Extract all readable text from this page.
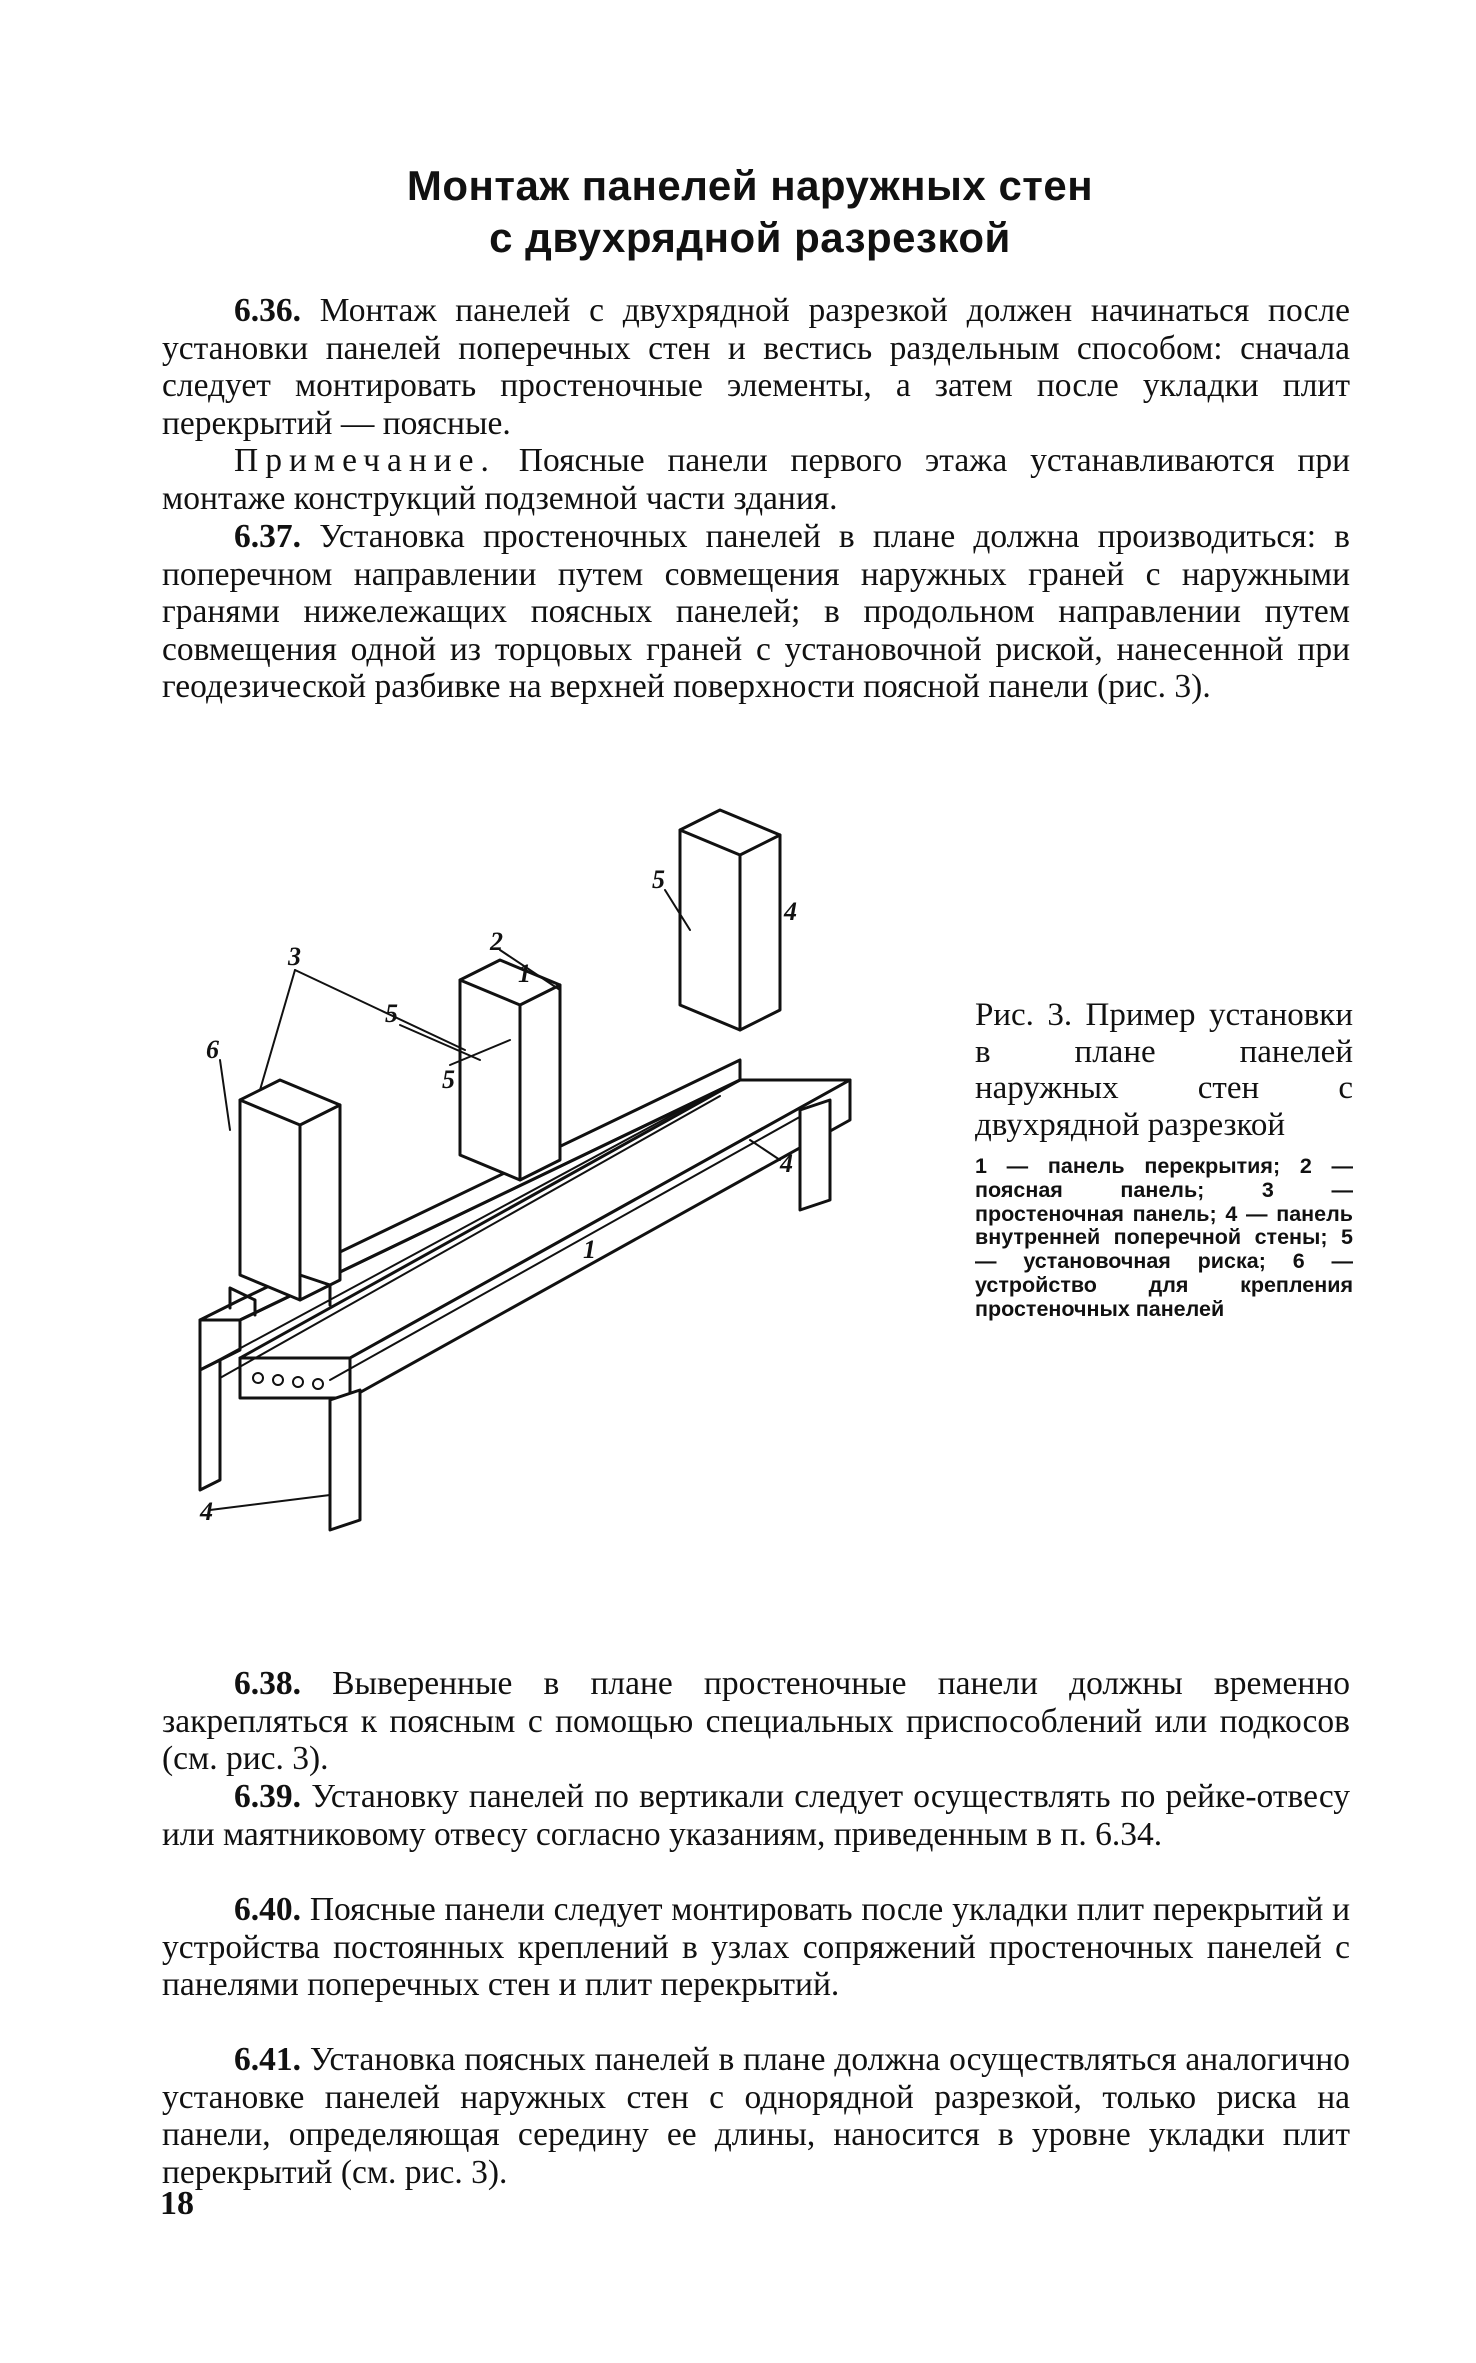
Монтаж панелей наружных стен
с двухрядной разрезкой
6.36. Монтаж панелей с двухрядной разрезкой должен начинаться после установки панелей поперечных стен и вестись раздельным способом: сначала следует монтировать простеночные элементы, а затем после укладки плит перекрытий — поясные.
Примечание. Поясные панели первого этажа устанавливаются при монтаже конструкций подземной части здания.
6.37. Установка простеночных панелей в плане должна производиться: в поперечном направлении путем совмещения наружных граней с наружными гранями нижележащих поясных панелей; в продольном направлении путем совмещения одной из торцовых граней с установочной риской, нанесенной при геодезической разбивке на верхней поверхности поясной панели (рис. 3).
3
2
5
5
5
1
1
4
4
4
6
Рис. 3. Пример установки в плане панелей наружных стен с двухрядной разрезкой
1 — панель перекрытия; 2 — поясная панель; 3 — простеночная панель; 4 — панель внутренней поперечной стены; 5 — установочная риска; 6 — устройство для крепления простеночных панелей
6.38. Выверенные в плане простеночные панели должны временно закрепляться к поясным с помощью специальных приспособлений или подкосов (см. рис. 3).
6.39. Установку панелей по вертикали следует осуществлять по рейке-отвесу или маятниковому отвесу согласно указаниям, приведенным в п. 6.34.
6.40. Поясные панели следует монтировать после укладки плит перекрытий и устройства постоянных креплений в узлах сопряжений простеночных панелей с панелями поперечных стен и плит перекрытий.
6.41. Установка поясных панелей в плане должна осуществляться аналогично установке панелей наружных стен с однорядной разрезкой, только риска на панели, определяющая середину ее длины, наносится в уровне укладки плит перекрытий (см. рис. 3).
18
